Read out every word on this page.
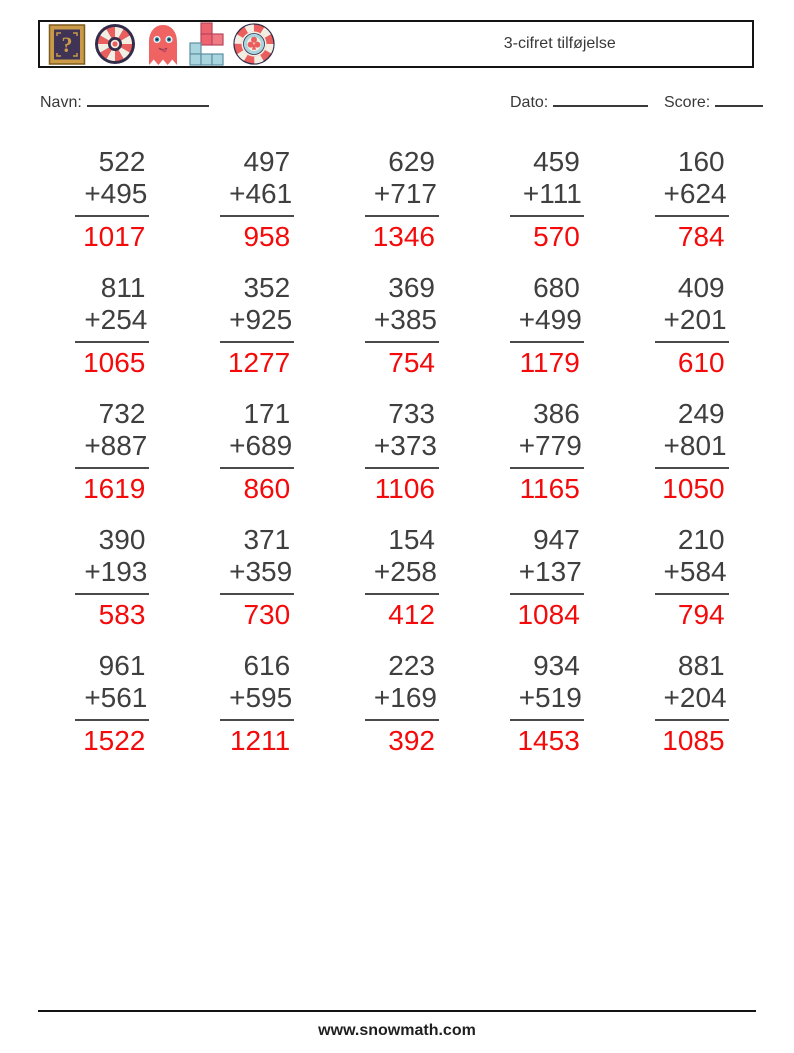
?	3-cifret tilføjelse
Navn:	Dato:	Score:
522
+495
1017
497
+461
958
629
+717
1346
459
+111
570
160
+624
784
811
+254
1065
352
+925
1277
369
+385
754
680
+499
1179
409
+201
610
732
+887
1619
171
+689
860
733
+373
1106
386
+779
1165
249
+801
1050
390
+193
583
371
+359
730
154
+258
412
947
+137
1084
210
+584
794
961
+561
1522
616
+595
1211
223
+169
392
934
+519
1453
881
+204
1085
www.snowmath.com
